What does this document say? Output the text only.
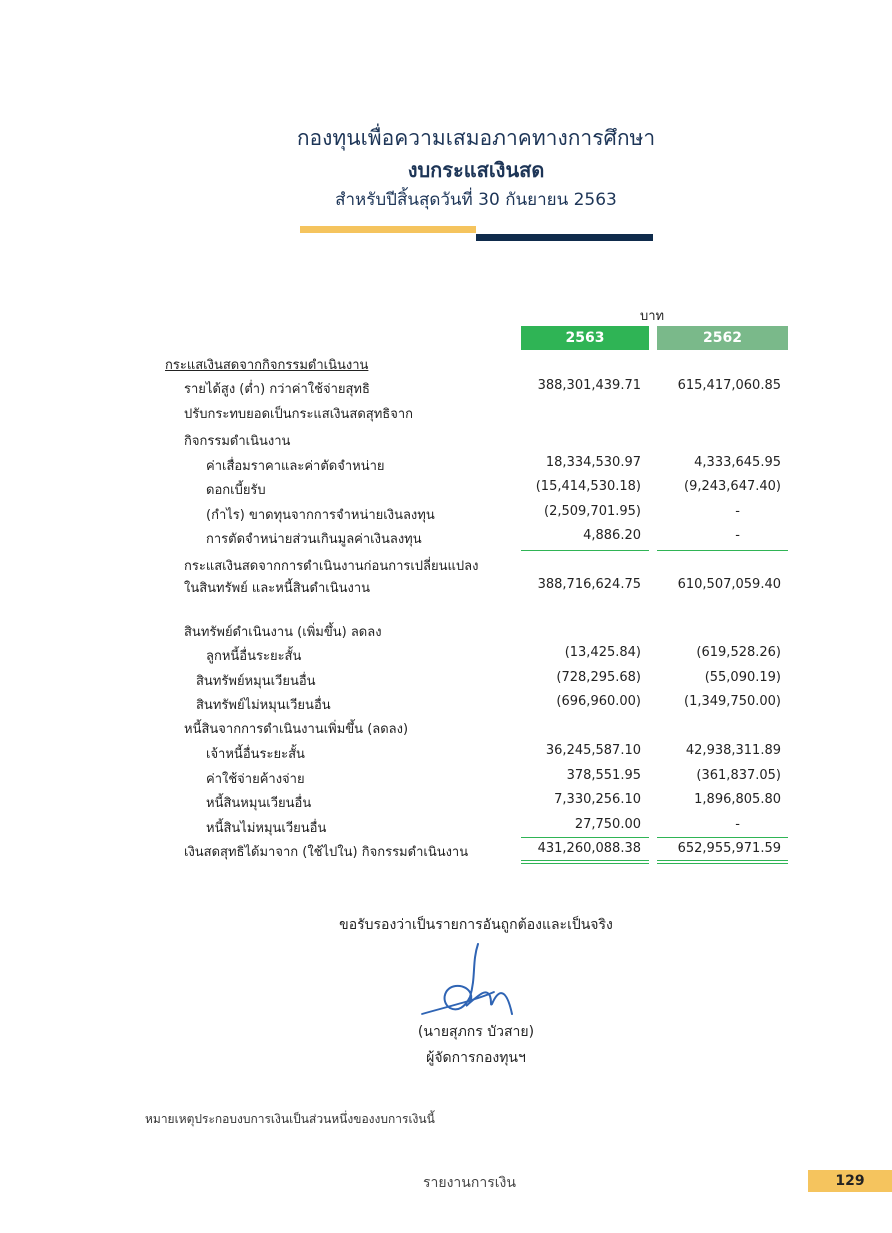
กองทุนเพื่อความเสมอภาคทางการศึกษา
งบกระแสเงินสด
สำหรับปีสิ้นสุดวันที่ 30 กันยายน 2563
บาท
2563	2562
กระแสเงินสดจากกิจกรรมดำเนินงาน
รายได้สูง (ต่ำ) กว่าค่าใช้จ่ายสุทธิ	388,301,439.71	615,417,060.85
ปรับกระทบยอดเป็นกระแสเงินสดสุทธิจาก
กิจกรรมดำเนินงาน
ค่าเสื่อมราคาและค่าตัดจำหน่าย	18,334,530.97	4,333,645.95
ดอกเบี้ยรับ	(15,414,530.18)	(9,243,647.40)
(กำไร) ขาดทุนจากการจำหน่ายเงินลงทุน	(2,509,701.95)	-
การตัดจำหน่ายส่วนเกินมูลค่าเงินลงทุน	4,886.20	-
กระแสเงินสดจากการดำเนินงานก่อนการเปลี่ยนแปลง
ในสินทรัพย์ และหนี้สินดำเนินงาน	388,716,624.75	610,507,059.40
สินทรัพย์ดำเนินงาน (เพิ่มขึ้น) ลดลง
ลูกหนี้อื่นระยะสั้น	(13,425.84)	(619,528.26)
สินทรัพย์หมุนเวียนอื่น	(728,295.68)	(55,090.19)
สินทรัพย์ไม่หมุนเวียนอื่น	(696,960.00)	(1,349,750.00)
หนี้สินจากการดำเนินงานเพิ่มขึ้น (ลดลง)
เจ้าหนี้อื่นระยะสั้น	36,245,587.10	42,938,311.89
ค่าใช้จ่ายค้างจ่าย	378,551.95	(361,837.05)
หนี้สินหมุนเวียนอื่น	7,330,256.10	1,896,805.80
หนี้สินไม่หมุนเวียนอื่น	27,750.00	-
เงินสดสุทธิได้มาจาก (ใช้ไปใน) กิจกรรมดำเนินงาน	431,260,088.38	652,955,971.59
ขอรับรองว่าเป็นรายการอันถูกต้องและเป็นจริง
(นายสุภกร บัวสาย)
ผู้จัดการกองทุนฯ
หมายเหตุประกอบงบการเงินเป็นส่วนหนึ่งของงบการเงินนี้
รายงานการเงิน	129
